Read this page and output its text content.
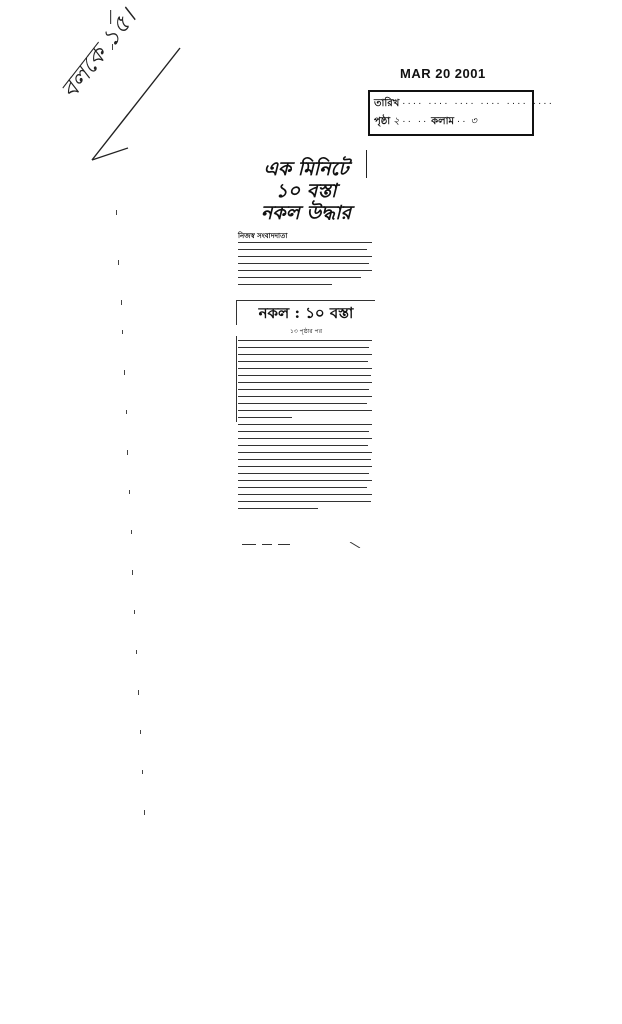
বলকে ১৫।	MAR 20 2001
তারিখ ···· ···· ···· ···· ···· ····
পৃষ্ঠা ২ ·· ·· কলাম ·· ৩
এক মিনিটে
১০ বস্তা
নকল উদ্ধার
নিজস্ব সংবাদদাতা
নকল : ১০ বস্তা
১৩ পৃষ্ঠার পর
